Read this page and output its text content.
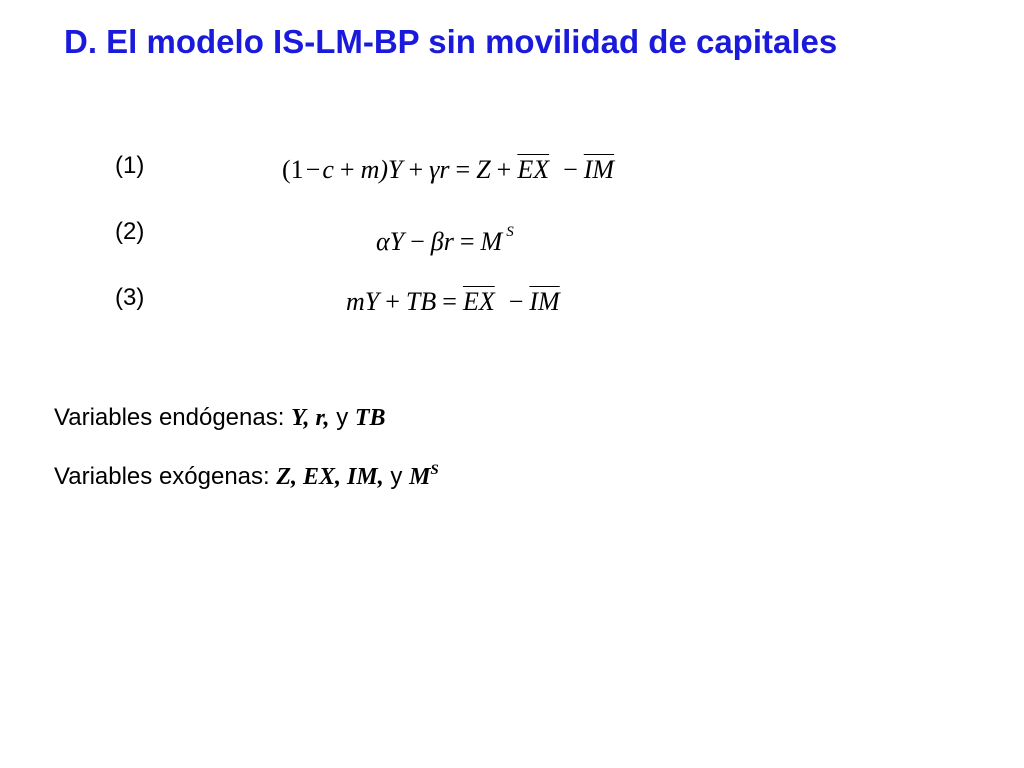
D. El modelo IS-LM-BP sin movilidad de capitales
(1)	$(1-c + m)Y + \gamma r = Z + \overline{EX} - \overline{IM}$
(2)	αY − βr = M $^S$
(3)	mY + TB = $\overline{EX} - \overline{IM}$
Variables endógenas: Y, r, y TB
Variables exógenas: Z, EX, IM, y $M^S$
